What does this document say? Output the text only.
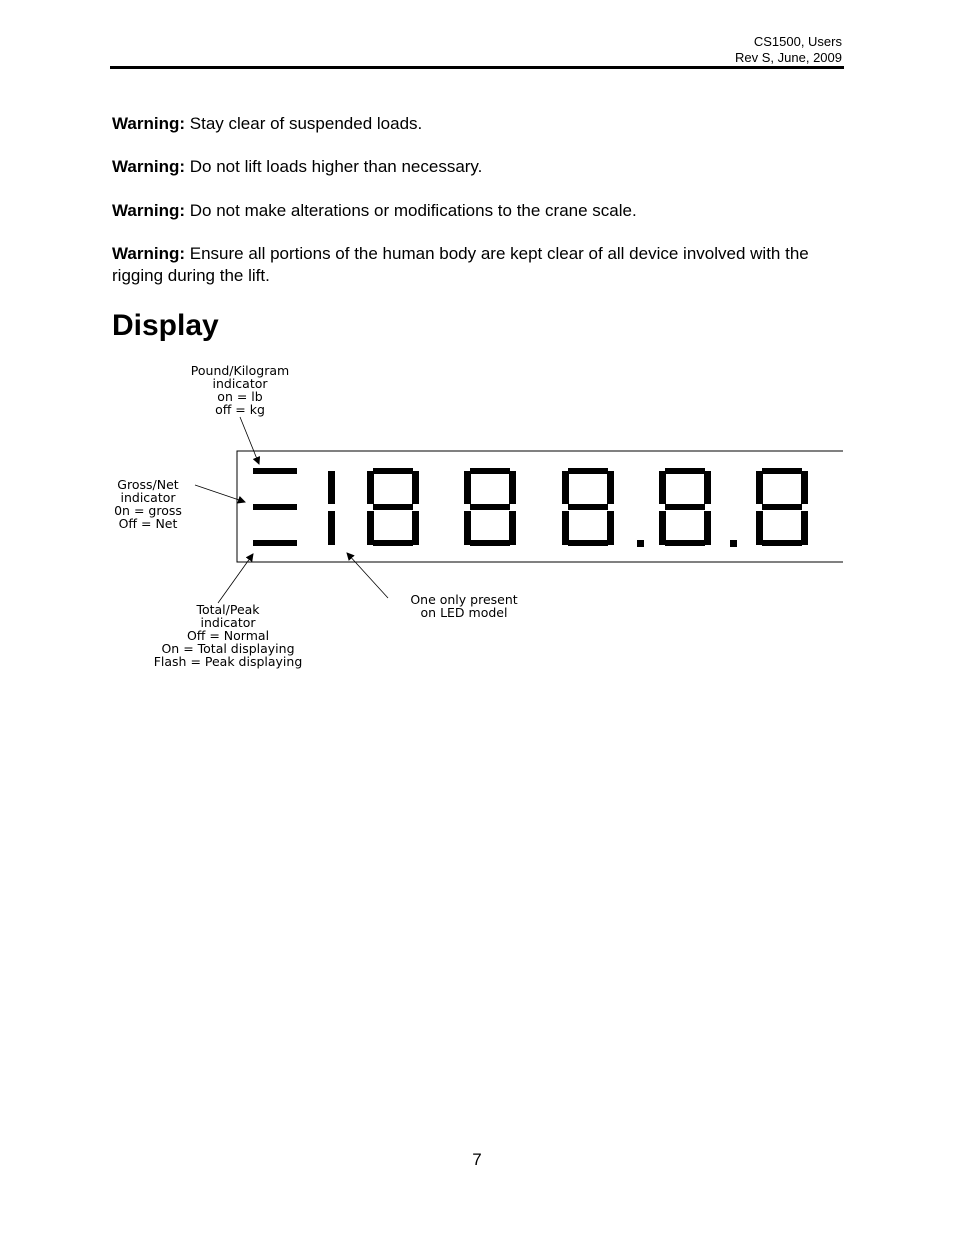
CS1500, Users
Rev S, June, 2009

Warning: Stay clear of suspended loads.

Warning: Do not lift loads higher than necessary.

Warning: Do not make alterations or modifications to the crane scale.

Warning: Ensure all portions of the human body are kept clear of all device involved with the rigging during the lift.

Display
Pound/Kilogram
indicator
on = lb
off = kg
Gross/Net
indicator
0n = gross
Off = Net
Total/Peak
indicator
Off = Normal
On = Total displaying
Flash = Peak displaying
One only present
on LED model
7
